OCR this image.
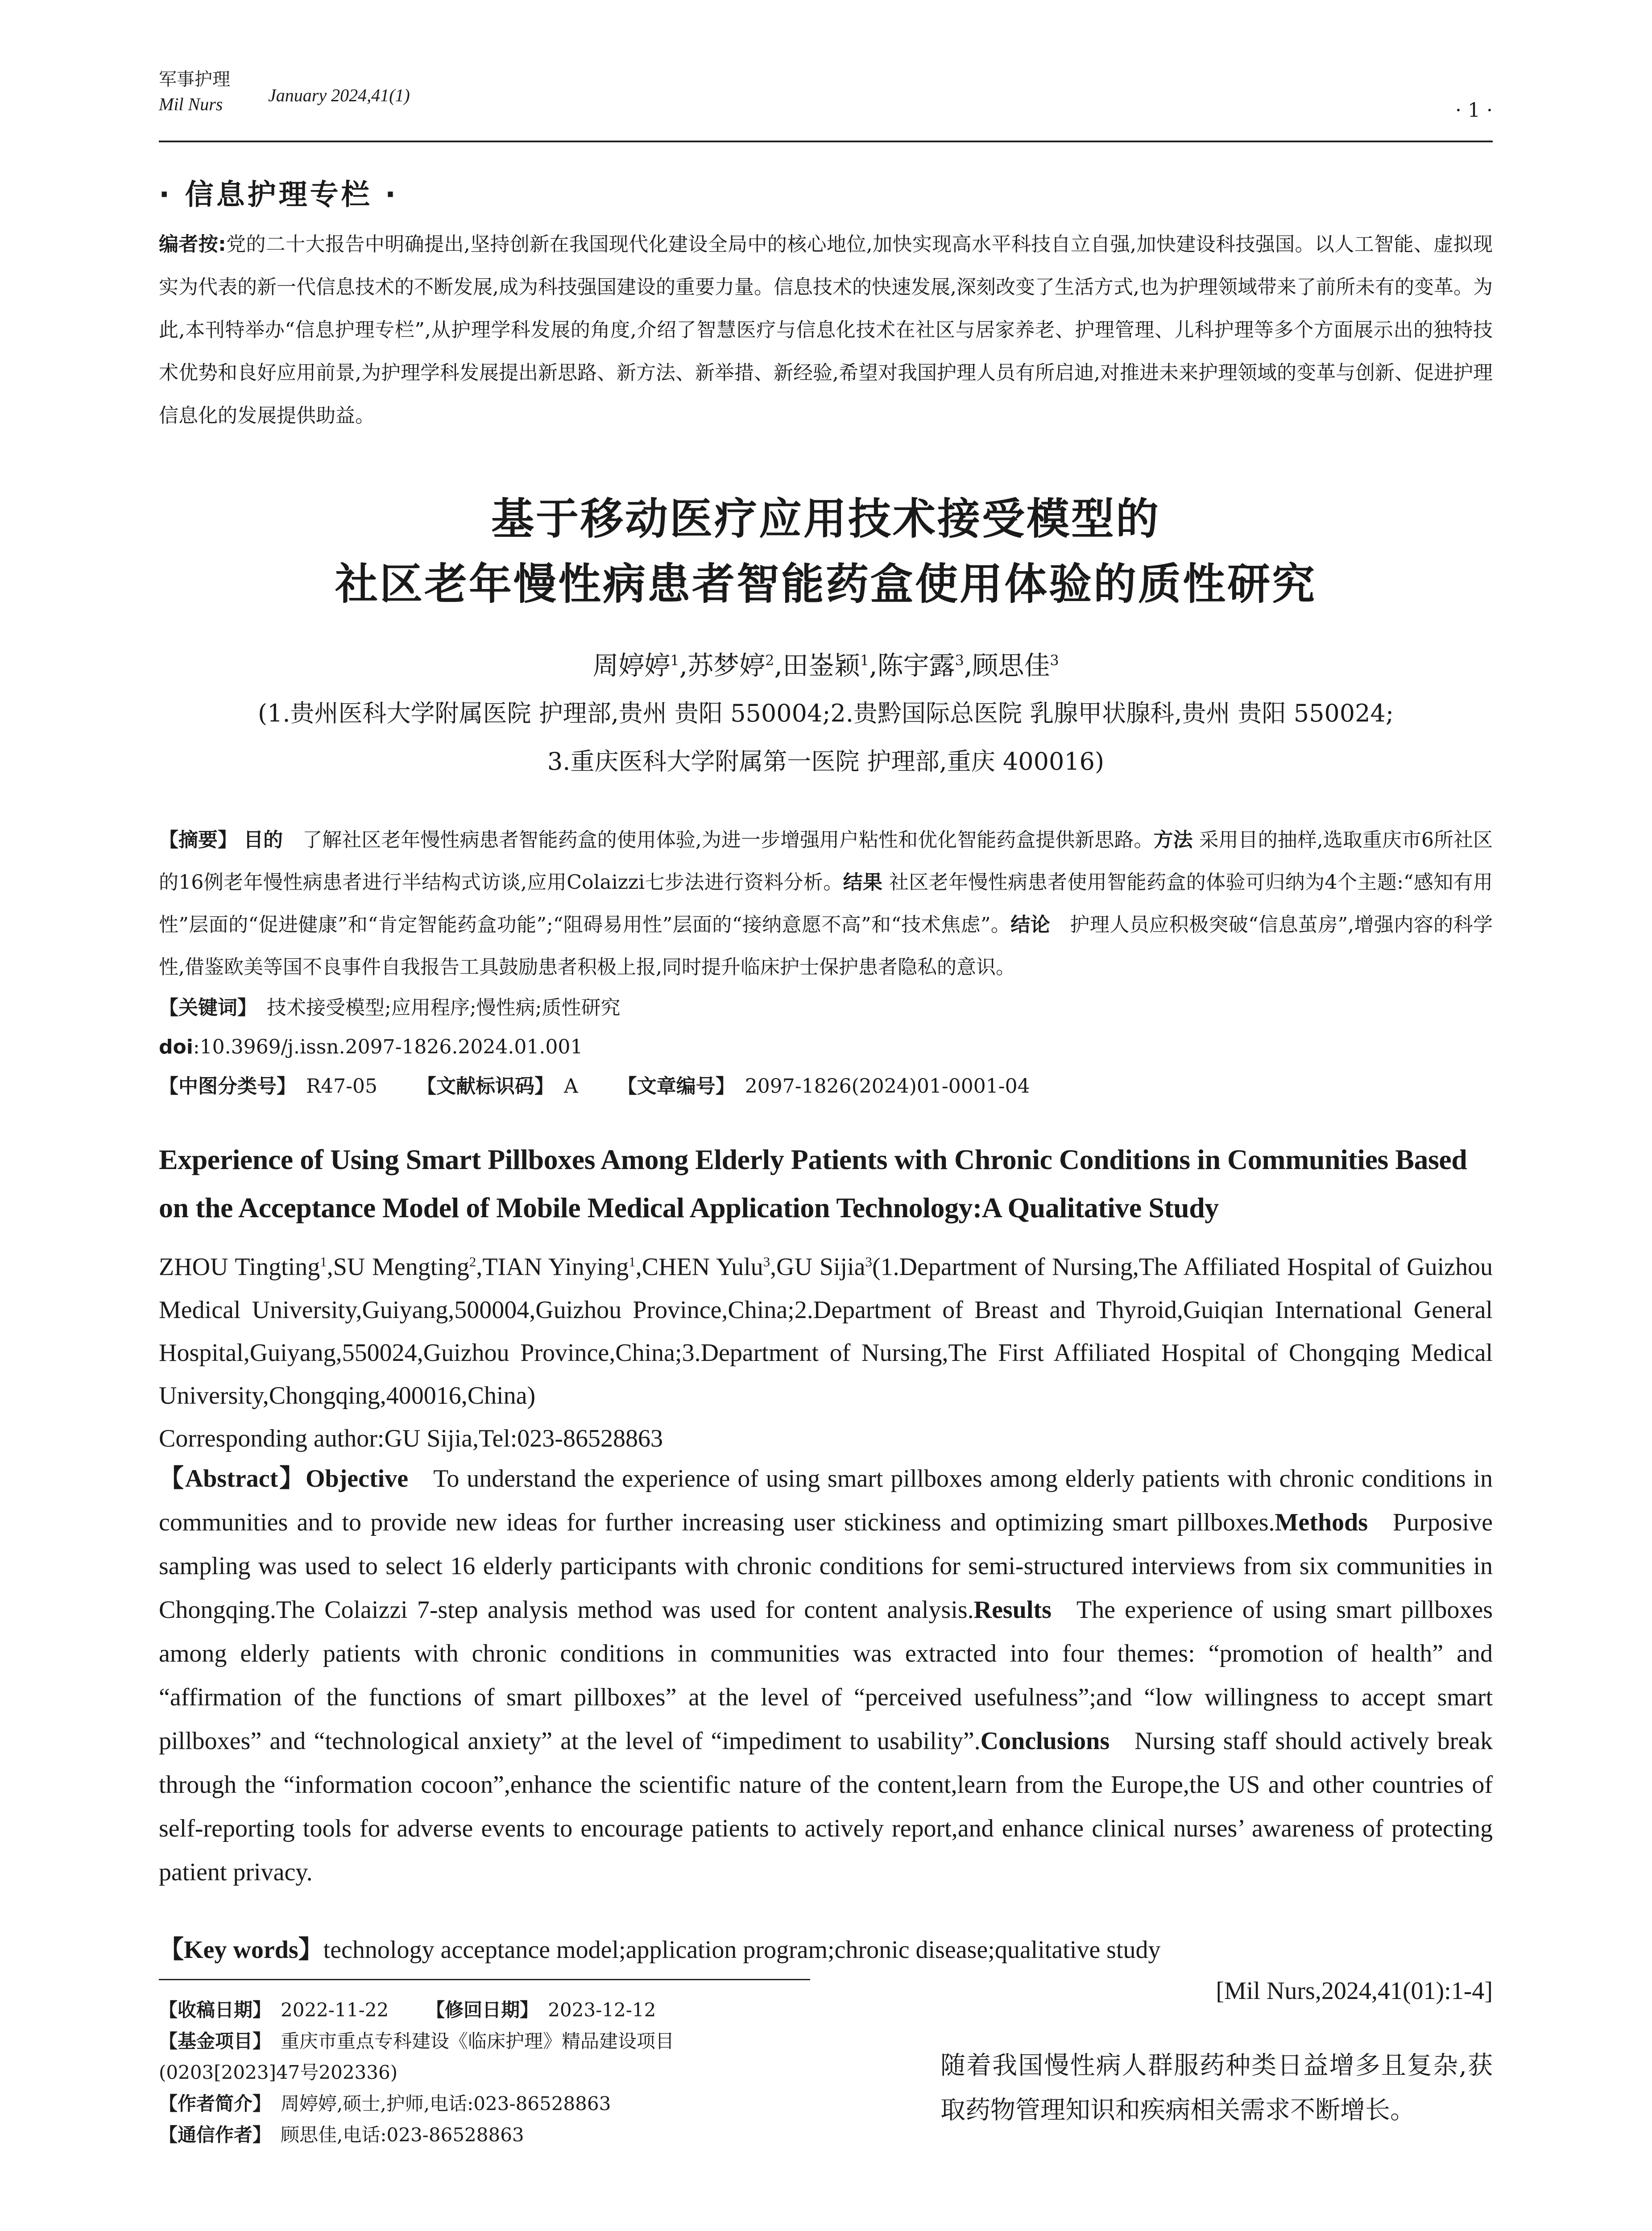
军事护理
Mil Nurs	January 2024,41(1)
· 1 ·
· 信息护理专栏 ·
编者按:党的二十大报告中明确提出,坚持创新在我国现代化建设全局中的核心地位,加快实现高水平科技自立自强,加快建设科技强国。以人工智能、虚拟现实为代表的新一代信息技术的不断发展,成为科技强国建设的重要力量。信息技术的快速发展,深刻改变了生活方式,也为护理领域带来了前所未有的变革。为此,本刊特举办“信息护理专栏”,从护理学科发展的角度,介绍了智慧医疗与信息化技术在社区与居家养老、护理管理、儿科护理等多个方面展示出的独特技术优势和良好应用前景,为护理学科发展提出新思路、新方法、新举措、新经验,希望对我国护理人员有所启迪,对推进未来护理领域的变革与创新、促进护理信息化的发展提供助益。
基于移动医疗应用技术接受模型的
社区老年慢性病患者智能药盒使用体验的质性研究
周婷婷$^1$,苏梦婷$^2$,田崟颖$^1$,陈宇露$^3$,顾思佳$^3$
(1.贵州医科大学附属医院 护理部,贵州 贵阳 550004;2.贵黔国际总医院 乳腺甲状腺科,贵州 贵阳 550024;
3.重庆医科大学附属第一医院 护理部,重庆 400016)
【摘要】 目的  了解社区老年慢性病患者智能药盒的使用体验,为进一步增强用户粘性和优化智能药盒提供新思路。方法 采用目的抽样,选取重庆市6所社区的16例老年慢性病患者进行半结构式访谈,应用Colaizzi七步法进行资料分析。结果 社区老年慢性病患者使用智能药盒的体验可归纳为4个主题:“感知有用性”层面的“促进健康”和“肯定智能药盒功能”;“阻碍易用性”层面的“接纳意愿不高”和“技术焦虑”。结论  护理人员应积极突破“信息茧房”,增强内容的科学性,借鉴欧美等国不良事件自我报告工具鼓励患者积极上报,同时提升临床护士保护患者隐私的意识。
【关键词】  技术接受模型;应用程序;慢性病;质性研究
doi:10.3969/j.issn.2097-1826.2024.01.001
【中图分类号】  R47-05   【文献标识码】  A   【文章编号】  2097-1826(2024)01-0001-04
Experience of Using Smart Pillboxes Among Elderly Patients with Chronic Conditions in Communities Based on the Acceptance Model of Mobile Medical Application Technology:A Qualitative Study
ZHOU Tingting$^1$,SU Mengting$^2$,TIAN Yinying$^1$,CHEN Yulu$^3$,GU Sijia$^3$(1.Department of Nursing,The Affiliated Hospital of Guizhou Medical University,Guiyang,500004,Guizhou Province,China;2.Department of Breast and Thyroid,Guiqian International General Hospital,Guiyang,550024,Guizhou Province,China;3.Department of Nursing,The First Affiliated Hospital of Chongqing Medical University,Chongqing,400016,China)
Corresponding author:GU Sijia,Tel:023-86528863
【Abstract】Objective  To understand the experience of using smart pillboxes among elderly patients with chronic conditions in communities and to provide new ideas for further increasing user stickiness and optimizing smart pillboxes.Methods  Purposive sampling was used to select 16 elderly participants with chronic conditions for semi-structured interviews from six communities in Chongqing.The Colaizzi 7-step analysis method was used for content analysis.Results  The experience of using smart pillboxes among elderly patients with chronic conditions in communities was extracted into four themes: “promotion of health” and “affirmation of the functions of smart pillboxes” at the level of “perceived usefulness”;and “low willingness to accept smart pillboxes” and “technological anxiety” at the level of “impediment to usability”.Conclusions  Nursing staff should actively break through the “information cocoon”,enhance the scientific nature of the content,learn from the Europe,the US and other countries of self-reporting tools for adverse events to encourage patients to actively report,and enhance clinical nurses’ awareness of protecting patient privacy.
【Key words】technology acceptance model;application program;chronic disease;qualitative study
[Mil Nurs,2024,41(01):1-4]
【收稿日期】  2022-11-22   【修回日期】  2023-12-12
【基金项目】  重庆市重点专科建设《临床护理》精品建设项目(0203[2023]47号202336)
【作者简介】  周婷婷,硕士,护师,电话:023-86528863
【通信作者】  顾思佳,电话:023-86528863
随着我国慢性病人群服药种类日益增多且复杂,获取药物管理知识和疾病相关需求不断增长。
